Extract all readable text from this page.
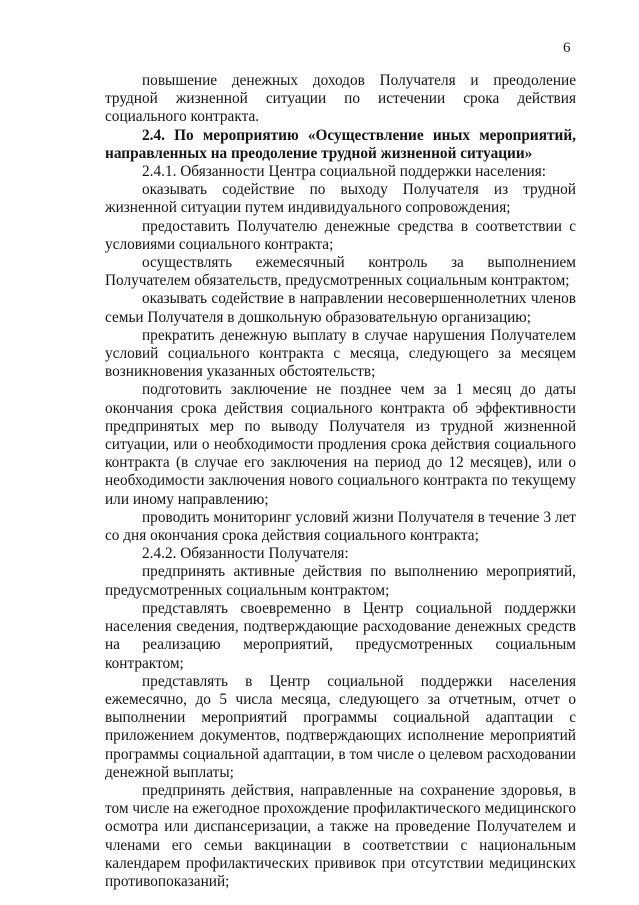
6

повышение денежных доходов Получателя и преодоление трудной жизненной ситуации по истечении срока действия социального контракта.

2.4. По мероприятию «Осуществление иных мероприятий, направленных на преодоление трудной жизненной ситуации»

2.4.1. Обязанности Центра социальной поддержки населения:

оказывать содействие по выходу Получателя из трудной жизненной ситуации путем индивидуального сопровождения;

предоставить Получателю денежные средства в соответствии с условиями социального контракта;

осуществлять ежемесячный контроль за выполнением Получателем обязательств, предусмотренных социальным контрактом;

оказывать содействие в направлении несовершеннолетних членов семьи Получателя в дошкольную образовательную организацию;

прекратить денежную выплату в случае нарушения Получателем условий социального контракта с месяца, следующего за месяцем возникновения указанных обстоятельств;

подготовить заключение не позднее чем за 1 месяц до даты окончания срока действия социального контракта об эффективности предпринятых мер по выводу Получателя из трудной жизненной ситуации, или о необходимости продления срока действия социального контракта (в случае его заключения на период до 12 месяцев), или о необходимости заключения нового социального контракта по текущему или иному направлению;

проводить мониторинг условий жизни Получателя в течение 3 лет со дня окончания срока действия социального контракта;

2.4.2. Обязанности Получателя:

предпринять активные действия по выполнению мероприятий, предусмотренных социальным контрактом;

представлять своевременно в Центр социальной поддержки населения сведения, подтверждающие расходование денежных средств на реализацию мероприятий, предусмотренных социальным контрактом;

представлять в Центр социальной поддержки населения ежемесячно, до 5 числа месяца, следующего за отчетным, отчет о выполнении мероприятий программы социальной адаптации с приложением документов, подтверждающих исполнение мероприятий программы социальной адаптации, в том числе о целевом расходовании денежной выплаты;

предпринять действия, направленные на сохранение здоровья, в том числе на ежегодное прохождение профилактического медицинского осмотра или диспансеризации, а также на проведение Получателем и членами его семьи вакцинации в соответствии с национальным календарем профилактических прививок при отсутствии медицинских противопоказаний;
